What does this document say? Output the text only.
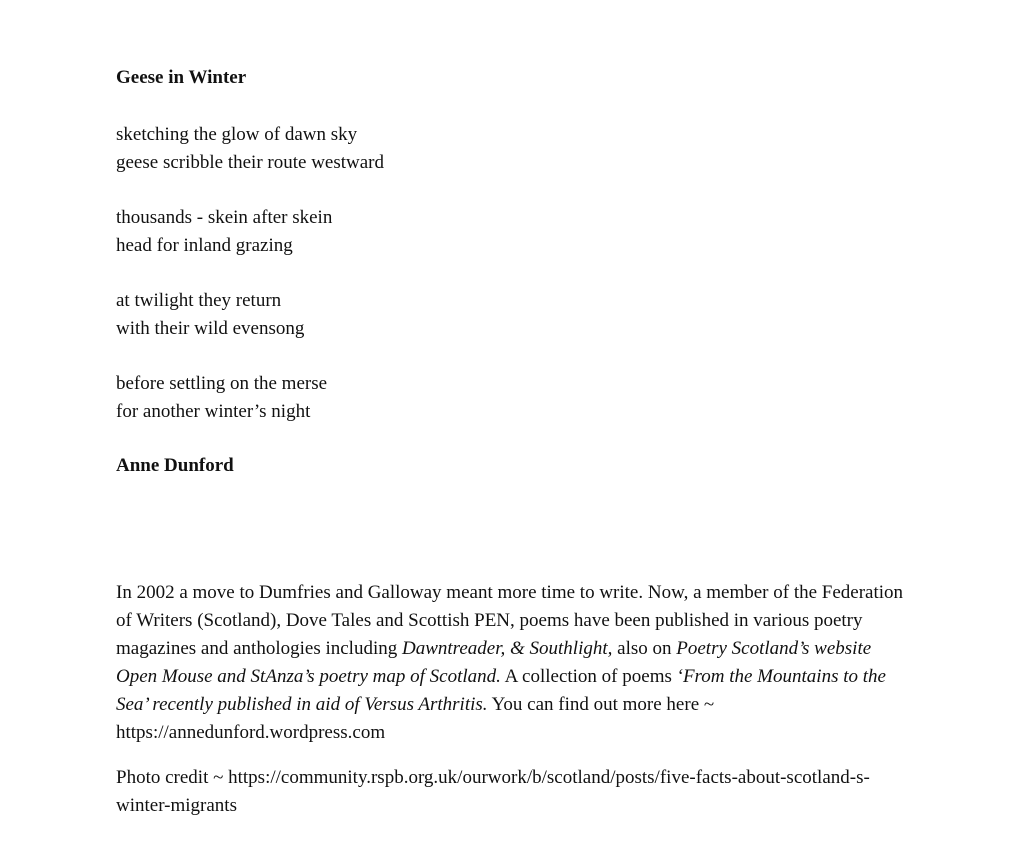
Geese in Winter
sketching the glow of dawn sky
geese scribble their route westward
thousands - skein after skein
head for inland grazing
at twilight they return
with their wild evensong
before settling on the merse
for another winter’s night
Anne Dunford

In 2002 a move to Dumfries and Galloway meant more time to write. Now, a member of the Federation of Writers (Scotland), Dove Tales and Scottish PEN, poems have been published in various poetry magazines and anthologies including Dawntreader, & Southlight, also on Poetry Scotland’s website Open Mouse and StAnza’s poetry map of Scotland. A collection of poems ‘From the Mountains to the Sea’ recently published in aid of Versus Arthritis. You can find out more here ~ https://annedunford.wordpress.com

Photo credit ~ https://community.rspb.org.uk/ourwork/b/scotland/posts/five-facts-about-scotland-s-winter-migrants
